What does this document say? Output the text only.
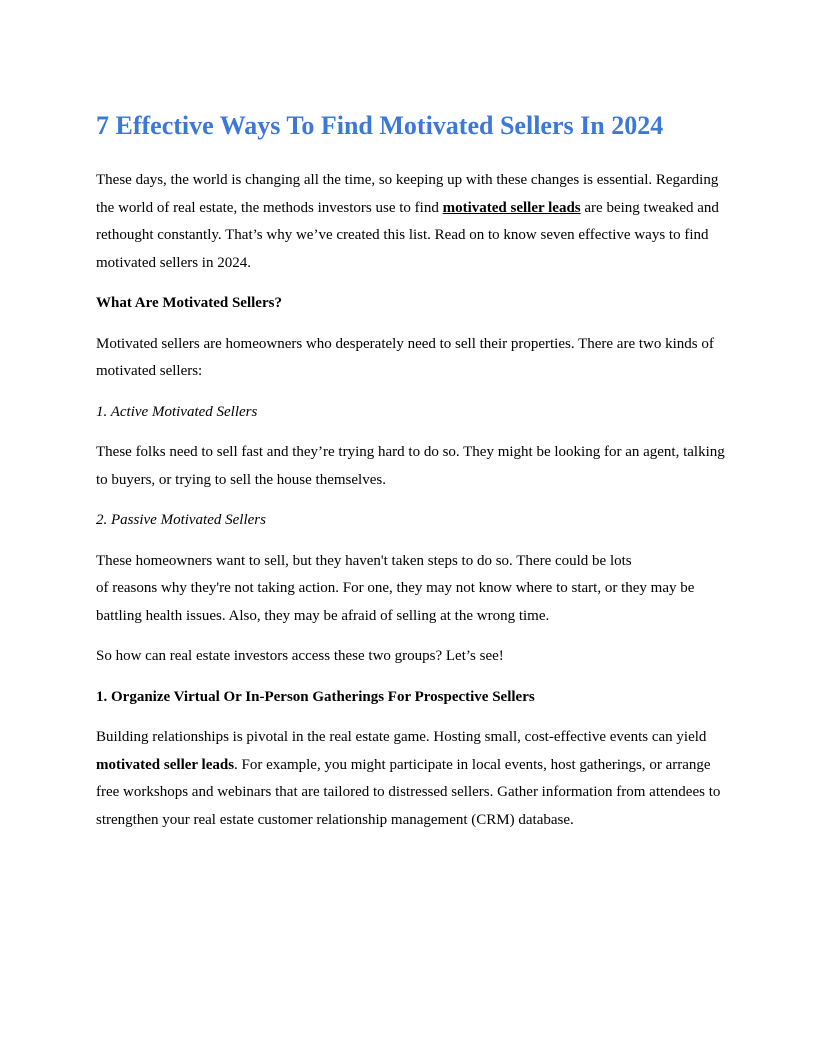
7 Effective Ways To Find Motivated Sellers In 2024

These days, the world is changing all the time, so keeping up with these changes is essential. Regarding the world of real estate, the methods investors use to find motivated seller leads are being tweaked and rethought constantly. That’s why we’ve created this list. Read on to know seven effective ways to find motivated sellers in 2024.

What Are Motivated Sellers?

Motivated sellers are homeowners who desperately need to sell their properties. There are two kinds of motivated sellers:

1. Active Motivated Sellers

These folks need to sell fast and they’re trying hard to do so. They might be looking for an agent, talking to buyers, or trying to sell the house themselves.

2. Passive Motivated Sellers

These homeowners want to sell, but they haven't taken steps to do so. There could be lots
of reasons why they're not taking action. For one, they may not know where to start, or they may be battling health issues. Also, they may be afraid of selling at the wrong time.

So how can real estate investors access these two groups? Let’s see!

1. Organize Virtual Or In-Person Gatherings For Prospective Sellers

Building relationships is pivotal in the real estate game. Hosting small, cost-effective events can yield motivated seller leads. For example, you might participate in local events, host gatherings, or arrange free workshops and webinars that are tailored to distressed sellers. Gather information from attendees to strengthen your real estate customer relationship management (CRM) database.
